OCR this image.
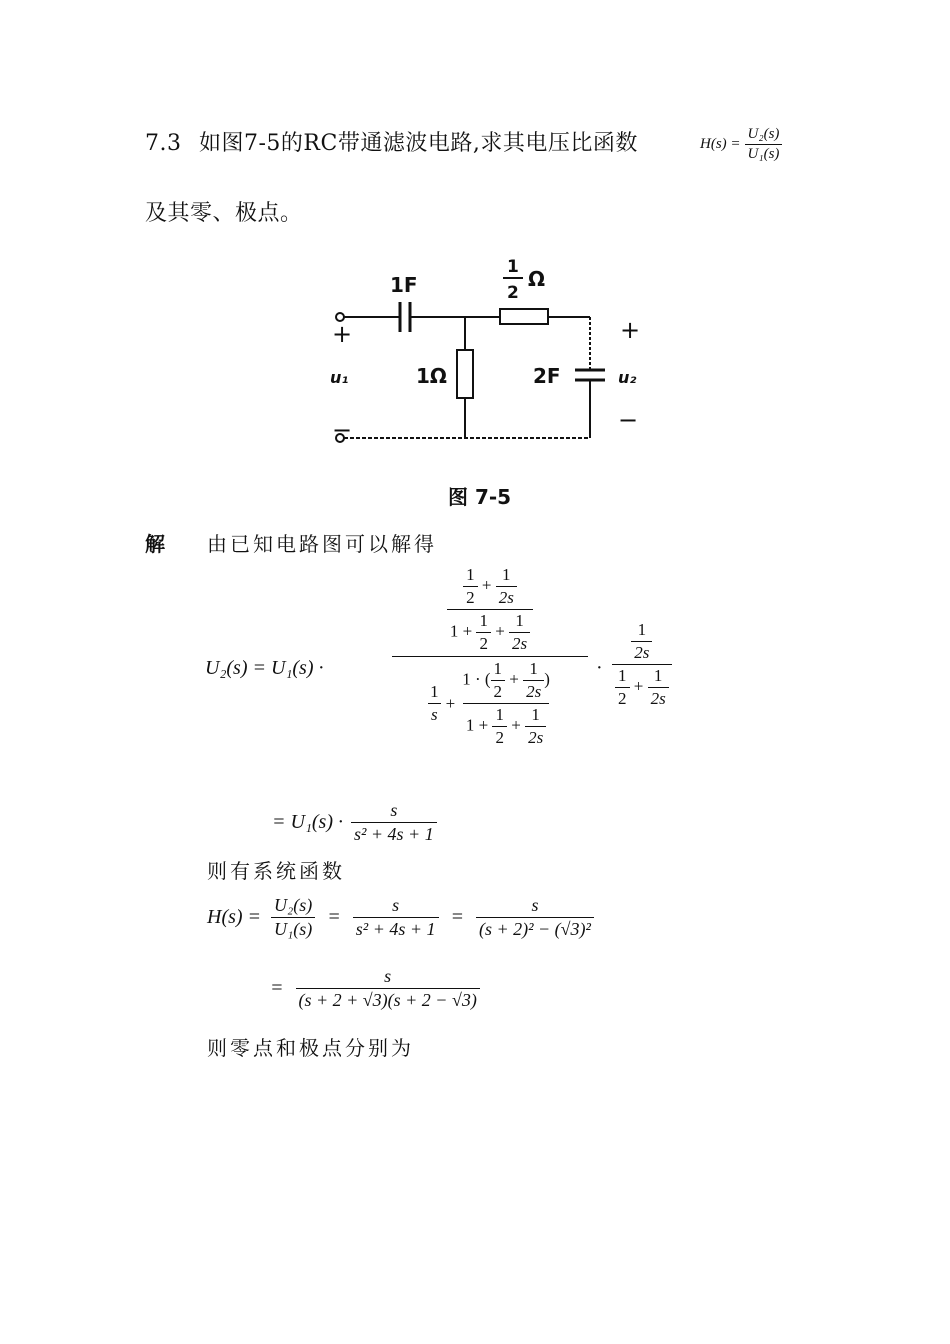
7.3 如图7-5的RC带通滤波电路,求其电压比函数	$H(s) = \frac{\text{U₂(s)}}{\text{U₁(s)}}$
及其零、极点。
1F
1
2
Ω
1Ω	2F
u₁	u₂
+
−
+
−
图 7-5
解 由已知电路图可以解得
U₂(s) = U₁(s) ·
$\frac{\frac{1}{2} + \frac{1}{2s}}{1 + \frac{1}{2} + \frac{1}{2s}}$
$\frac{1}{s} + \frac{1 \cdot ( \frac{1}{2} + \frac{1}{2s} )}{1 + \frac{1}{2} + \frac{1}{2s}} \cdot \frac{\frac{1}{2s}}{\frac{1}{2} + \frac{1}{2s}}$
= $U_1(s) \cdot \frac{s}{\text{s² + 4s + 1}}$
则有系统函数
$H(s) = \frac{\text{U₂(s)}}{\text{U₁(s)}} = \frac{s}{\text{s² + 4s + 1}} = \frac{s}{\text{(s + 2)² − (√3)²}}$
= $\frac{s}{(s + 2 + √3)(s + 2 - √3)}$
则零点和极点分别为
